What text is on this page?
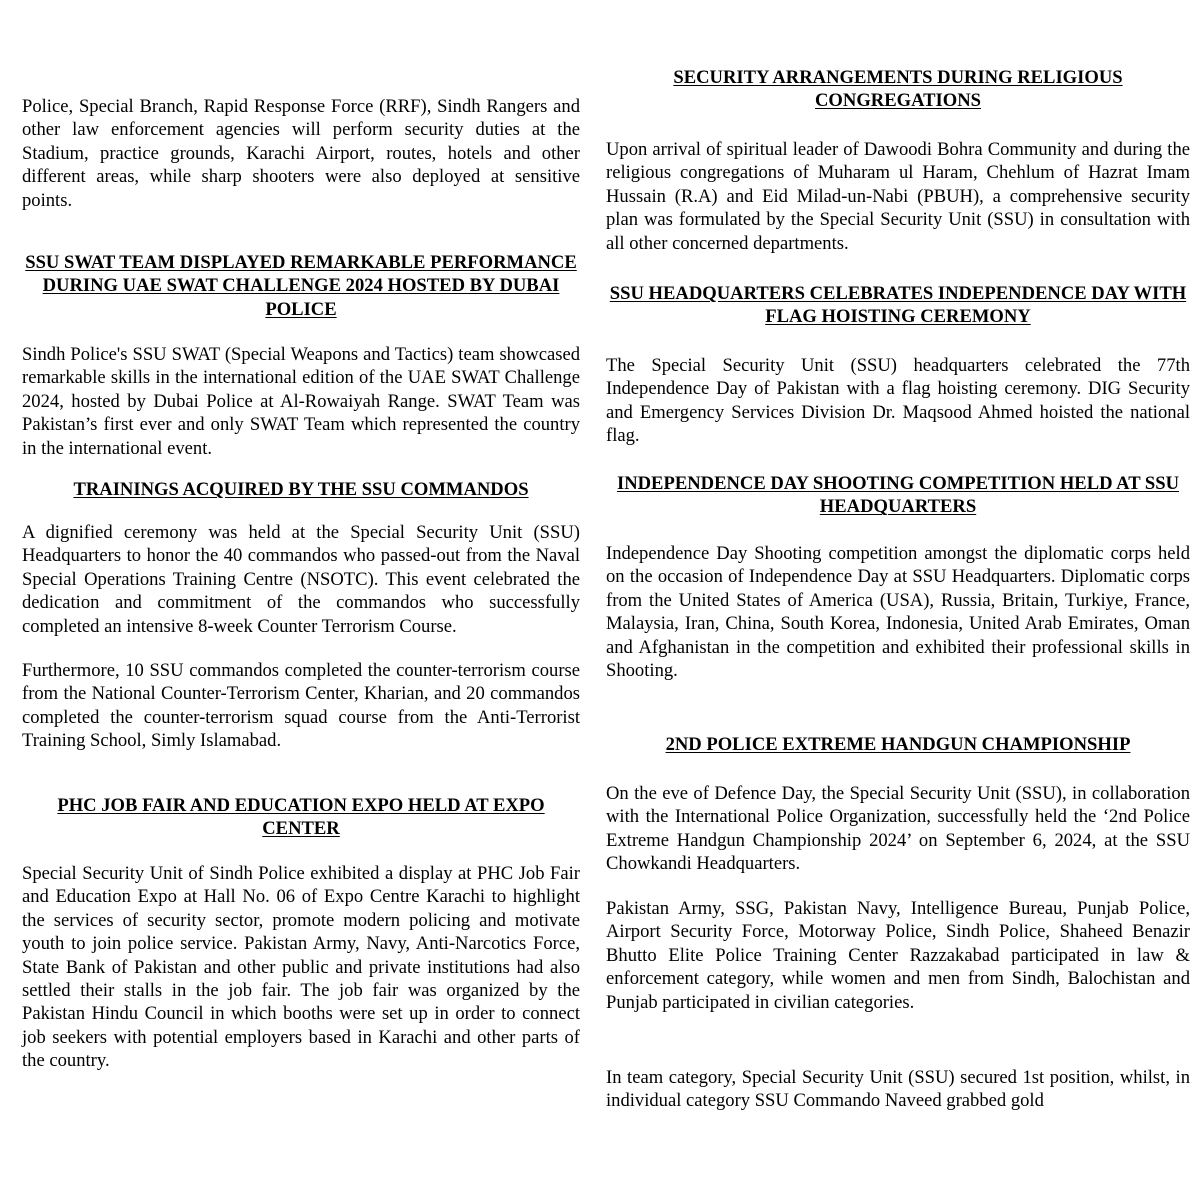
Police, Special Branch, Rapid Response Force (RRF), Sindh Rangers and other law enforcement agencies will perform security duties at the Stadium, practice grounds, Karachi Airport, routes, hotels and other different areas, while sharp shooters were also deployed at sensitive points.

SSU SWAT TEAM DISPLAYED REMARKABLE PERFORMANCE DURING UAE SWAT CHALLENGE 2024 HOSTED BY DUBAI POLICE

Sindh Police's SSU SWAT (Special Weapons and Tactics) team showcased remarkable skills in the international edition of the UAE SWAT Challenge 2024, hosted by Dubai Police at Al-Rowaiyah Range. SWAT Team was Pakistan’s first ever and only SWAT Team which represented the country in the international event.

TRAININGS ACQUIRED BY THE SSU COMMANDOS

A dignified ceremony was held at the Special Security Unit (SSU) Headquarters to honor the 40 commandos who passed-out from the Naval Special Operations Training Centre (NSOTC). This event celebrated the dedication and commitment of the commandos who successfully completed an intensive 8-week Counter Terrorism Course.

Furthermore, 10 SSU commandos completed the counter-terrorism course from the National Counter-Terrorism Center, Kharian, and 20 commandos completed the counter-terrorism squad course from the Anti-Terrorist Training School, Simly Islamabad.

PHC JOB FAIR AND EDUCATION EXPO HELD AT EXPO CENTER

Special Security Unit of Sindh Police exhibited a display at PHC Job Fair and Education Expo at Hall No. 06 of Expo Centre Karachi to highlight the services of security sector, promote modern policing and motivate youth to join police service. Pakistan Army, Navy, Anti-Narcotics Force, State Bank of Pakistan and other public and private institutions had also settled their stalls in the job fair. The job fair was organized by the Pakistan Hindu Council in which booths were set up in order to connect job seekers with potential employers based in Karachi and other parts of the country.

SECURITY ARRANGEMENTS DURING RELIGIOUS CONGREGATIONS

Upon arrival of spiritual leader of Dawoodi Bohra Community and during the religious congregations of Muharam ul Haram, Chehlum of Hazrat Imam Hussain (R.A) and Eid Milad-un-Nabi (PBUH), a comprehensive security plan was formulated by the Special Security Unit (SSU) in consultation with all other concerned departments.

SSU HEADQUARTERS CELEBRATES INDEPENDENCE DAY WITH FLAG HOISTING CEREMONY

The Special Security Unit (SSU) headquarters celebrated the 77th Independence Day of Pakistan with a flag hoisting ceremony. DIG Security and Emergency Services Division Dr. Maqsood Ahmed hoisted the national flag.

INDEPENDENCE DAY SHOOTING COMPETITION HELD AT SSU HEADQUARTERS

Independence Day Shooting competition amongst the diplomatic corps held on the occasion of Independence Day at SSU Headquarters. Diplomatic corps from the United States of America (USA), Russia, Britain, Turkiye, France, Malaysia, Iran, China, South Korea, Indonesia, United Arab Emirates, Oman and Afghanistan in the competition and exhibited their professional skills in Shooting.

2ND POLICE EXTREME HANDGUN CHAMPIONSHIP

On the eve of Defence Day, the Special Security Unit (SSU), in collaboration with the International Police Organization, successfully held the ‘2nd Police Extreme Handgun Championship 2024’ on September 6, 2024, at the SSU Chowkandi Headquarters.

Pakistan Army, SSG, Pakistan Navy, Intelligence Bureau, Punjab Police, Airport Security Force, Motorway Police, Sindh Police, Shaheed Benazir Bhutto Elite Police Training Center Razzakabad participated in law & enforcement category, while women and men from Sindh, Balochistan and Punjab participated in civilian categories.

In team category, Special Security Unit (SSU) secured 1st position, whilst, in individual category SSU Commando Naveed grabbed gold
